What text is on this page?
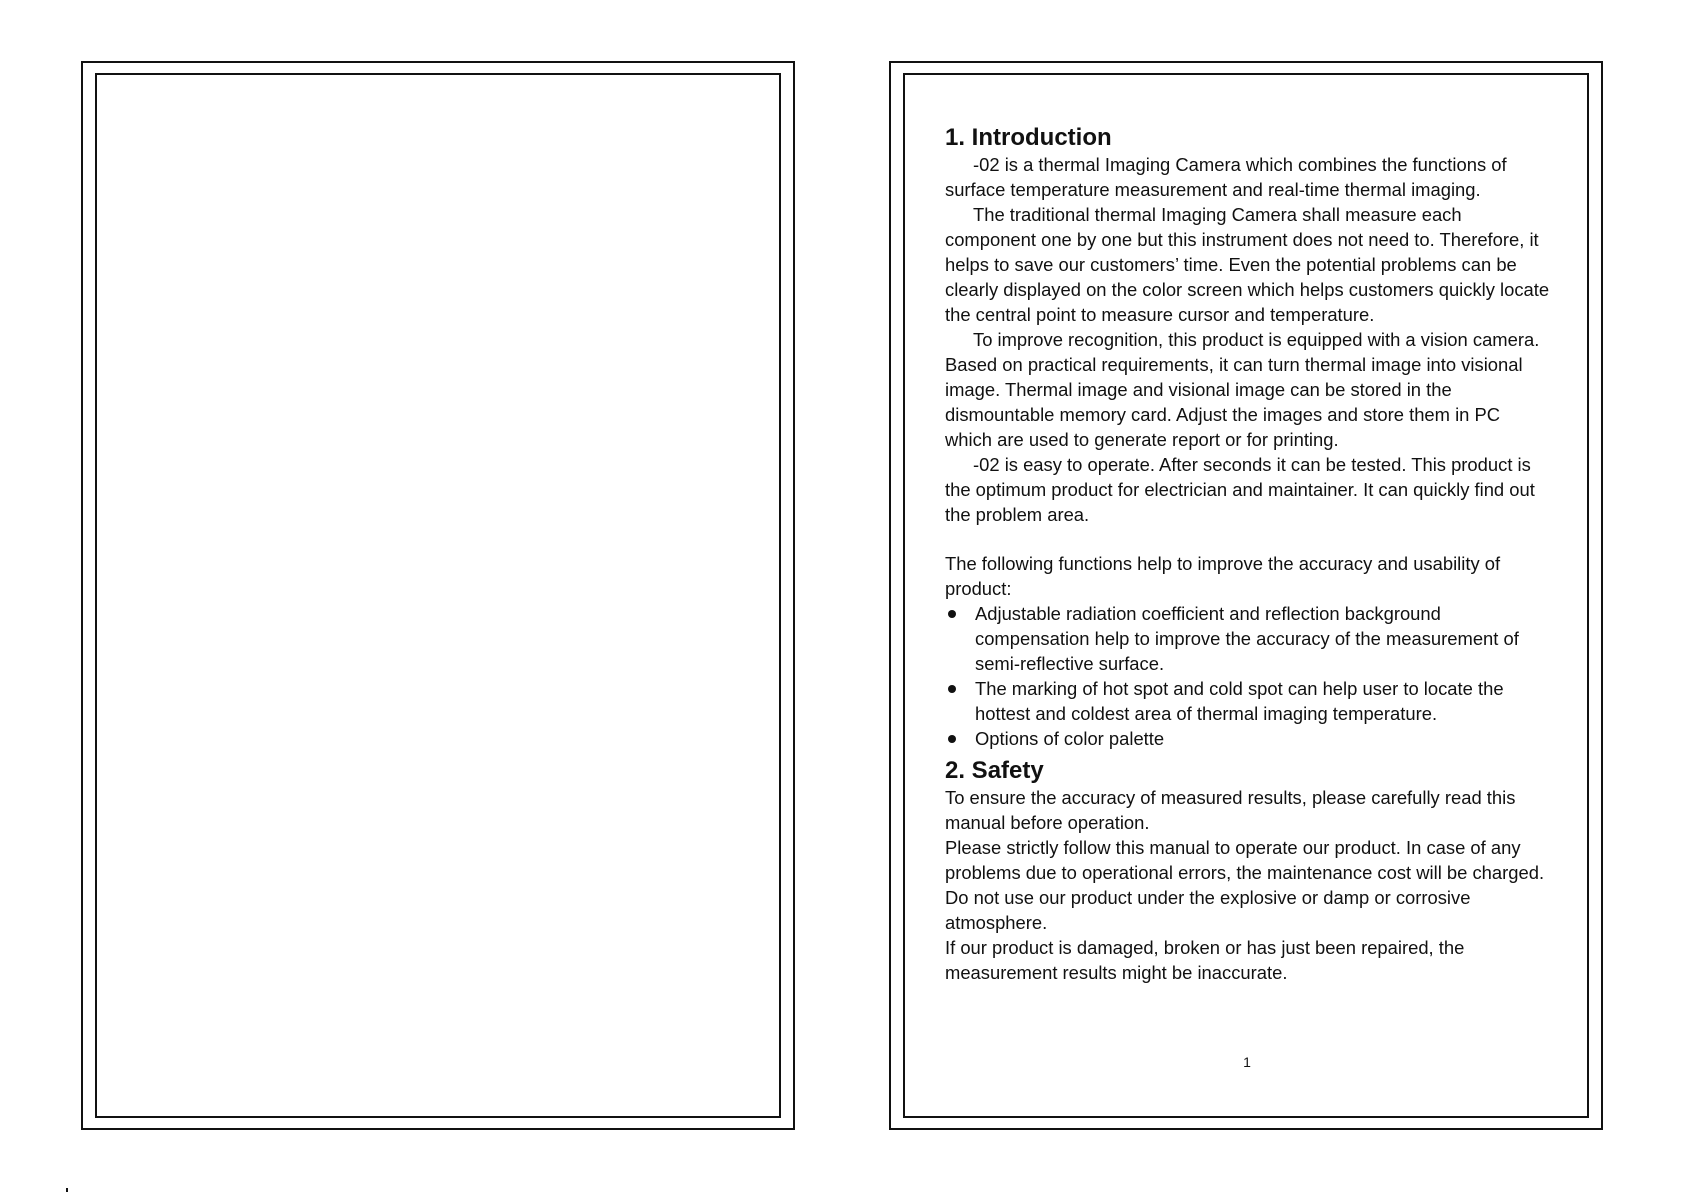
1. Introduction

-02 is a thermal Imaging Camera which combines the functions of surface temperature measurement and real-time thermal imaging.

The traditional thermal Imaging Camera shall measure each component one by one but this instrument does not need to. Therefore, it helps to save our customers’ time. Even the potential problems can be clearly displayed on the color screen which helps customers quickly locate the central point to measure cursor and temperature.

To improve recognition, this product is equipped with a vision camera. Based on practical requirements, it can turn thermal image into visional image. Thermal image and visional image can be stored in the dismountable memory card. Adjust the images and store them in PC which are used to generate report or for printing.

-02 is easy to operate. After seconds it can be tested. This product is the optimum product for electrician and maintainer. It can quickly find out the problem area.

The following functions help to improve the accuracy and usability of product:

Adjustable radiation coefficient and reflection background compensation help to improve the accuracy of the measurement of semi-reflective surface.
The marking of hot spot and cold spot can help user to locate the hottest and coldest area of thermal imaging temperature.
Options of color palette

2. Safety

To ensure the accuracy of measured results, please carefully read this manual before operation.

Please strictly follow this manual to operate our product. In case of any problems due to operational errors, the maintenance cost will be charged.

Do not use our product under the explosive or damp or corrosive atmosphere.

If our product is damaged, broken or has just been repaired, the measurement results might be inaccurate.

1
